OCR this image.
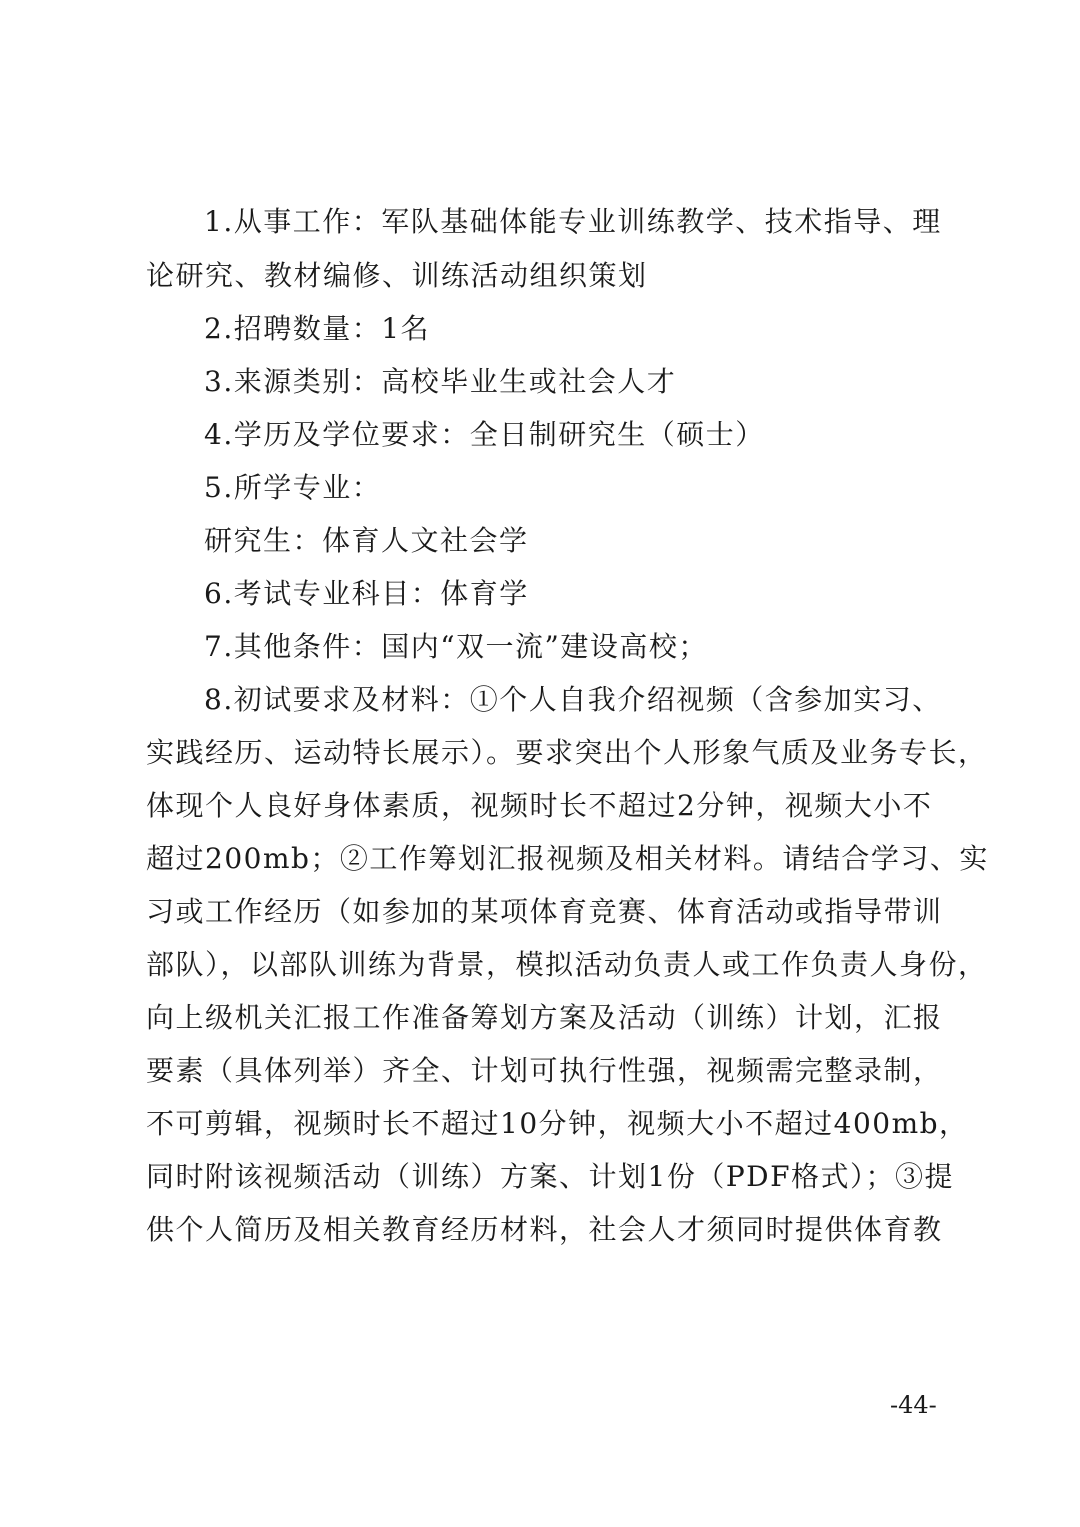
1.从事工作：军队基础体能专业训练教学、技术指导、理
论研究、教材编修、训练活动组织策划
2.招聘数量：1名
3.来源类别：高校毕业生或社会人才
4.学历及学位要求：全日制研究生（硕士）
5.所学专业：
研究生：体育人文社会学
6.考试专业科目：体育学
7.其他条件：国内“双一流”建设高校；
8.初试要求及材料：①个人自我介绍视频（含参加实习、
实践经历、运动特长展示）。要求突出个人形象气质及业务专长，
体现个人良好身体素质，视频时长不超过2分钟，视频大小不
超过200mb；②工作筹划汇报视频及相关材料。请结合学习、实
习或工作经历（如参加的某项体育竞赛、体育活动或指导带训
部队），以部队训练为背景，模拟活动负责人或工作负责人身份，
向上级机关汇报工作准备筹划方案及活动（训练）计划，汇报
要素（具体列举）齐全、计划可执行性强，视频需完整录制，
不可剪辑，视频时长不超过10分钟，视频大小不超过400mb，
同时附该视频活动（训练）方案、计划1份（PDF格式）；③提
供个人简历及相关教育经历材料，社会人才须同时提供体育教
-44-
